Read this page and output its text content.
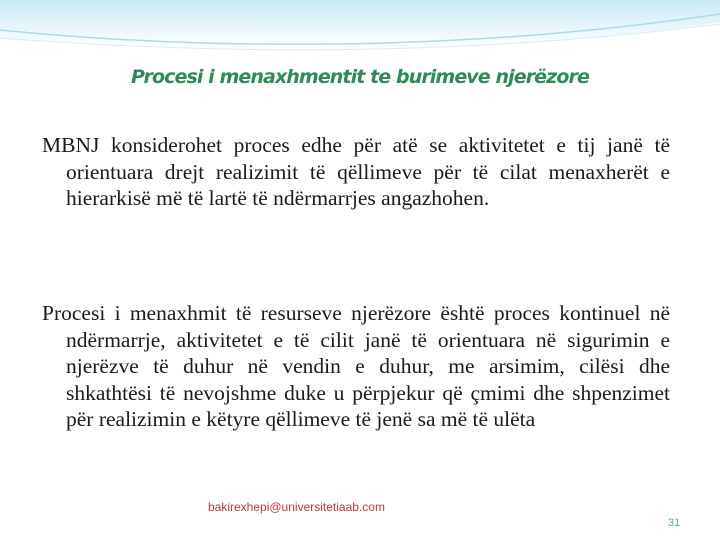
Procesi i menaxhmentit te burimeve njerëzore
MBNJ konsiderohet proces edhe për atë se aktivitetet e tij janë të orientuara drejt realizimit të qëllimeve për të cilat menaxherët e hierarkisë më të lartë të ndërmarrjes angazhohen.
Procesi i menaxhmit të resurseve njerëzore është proces kontinuel në ndërmarrje, aktivitetet e të cilit janë të orientuara në sigurimin e njerëzve të duhur në vendin e duhur, me arsimim, cilësi dhe shkathtësi të nevojshme duke u përpjekur që çmimi dhe shpenzimet për realizimin e këtyre qëllimeve të jenë sa më të ulëta
bakirexhepi@universitetiaab.com
31
